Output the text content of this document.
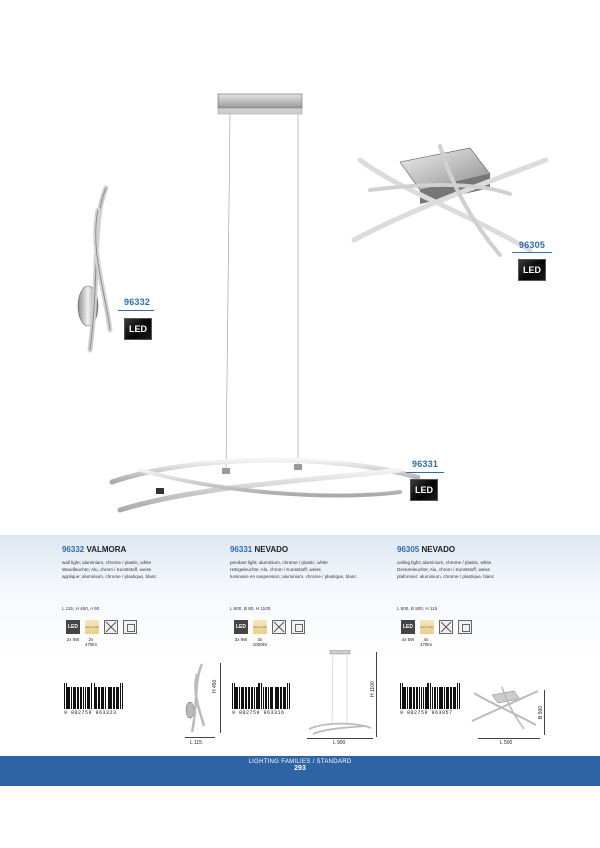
96332
LED
96331
LED
96305
LED
96332 VALMORA
wall light; aluminium, chrome / plastic, white
Wandleuchte; Alu, chrom / Kunststoff, weiss
applique; aluminium, chrome / plastique, blanc
L 115, H 450, A 90
LED	warm white
2x 5W	2x
470lm
96331 NEVADO
pendant light; aluminium, chrome / plastic, white
Hängeleuchte; Alu, chrom / Kunststoff, weiss
luminaire en suspension; aluminium, chrome / plastique, blanc
L 900, B 80, H 1100
LED	warm white
3x 9W	3x
1000lm
96305 NEVADO
ceiling light; aluminium, chrome / plastic, white
Deckenleuchte; Alu, chrom / Kunststoff, weiss
plafonnier; aluminium, chrome / plastique, blanc
L 500, B 500, H 115
LED	warm white
4x 5W	4x
470lm
9 002759 963323	9 002759 963316	9 002759 963057
H 450
L 115
H 1100
L 900
B 500
L 500
LIGHTING FAMILIES / STANDARD
293
